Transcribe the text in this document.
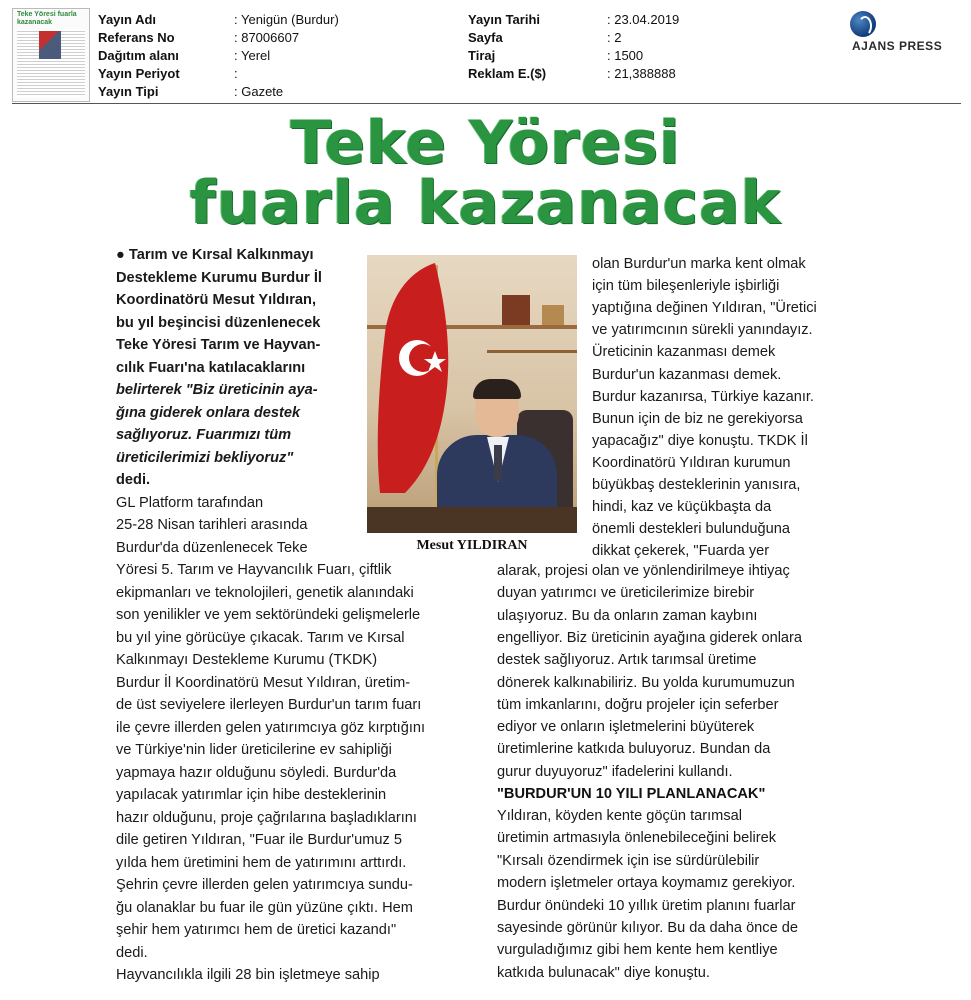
Teke Yöresi fuarla kazanacak	Yayın Adı
Referans No
Dağıtım alanı
Yayın Periyot
Yayın Tipi
: Yenigün (Burdur)
: 87006607
: Yerel
:
: Gazete
Yayın Tarihi
Sayfa
Tiraj
Reklam E.($)
: 23.04.2019
: 2
: 1500
: 21,388888
AJANS PRESS
Teke Yöresi
fuarla kazanacak
Mesut YILDIRAN
● Tarım ve Kırsal Kalkınmayı
Destekleme Kurumu Burdur İl
Koordinatörü Mesut Yıldıran,
bu yıl beşincisi düzenlenecek
Teke Yöresi Tarım ve Hayvan-
cılık Fuarı'na katılacaklarını
belirterek "Biz üreticinin aya-
ğına giderek onlara destek
sağlıyoruz. Fuarımızı tüm
üreticilerimizi bekliyoruz"
dedi.
GL Platform tarafından
25-28 Nisan tarihleri arasında
Burdur'da düzenlenecek Teke
Yöresi 5. Tarım ve Hayvancılık Fuarı, çiftlik
ekipmanları ve teknolojileri, genetik alanındaki
son yenilikler ve yem sektöründeki gelişmelerle
bu yıl yine görücüye çıkacak. Tarım ve Kırsal
Kalkınmayı Destekleme Kurumu (TKDK)
Burdur İl Koordinatörü Mesut Yıldıran, üretim-
de üst seviyelere ilerleyen Burdur'un tarım fuarı
ile çevre illerden gelen yatırımcıya göz kırptığını
ve Türkiye'nin lider üreticilerine ev sahipliği
yapmaya hazır olduğunu söyledi. Burdur'da
yapılacak yatırımlar için hibe desteklerinin
hazır olduğunu, proje çağrılarına başladıklarını
dile getiren Yıldıran, "Fuar ile Burdur'umuz 5
yılda hem üretimini hem de yatırımını arttırdı.
Şehrin çevre illerden gelen yatırımcıya sundu-
ğu olanaklar bu fuar ile gün yüzüne çıktı. Hem
şehir hem yatırımcı hem de üretici kazandı"
dedi.
Hayvancılıkla ilgili 28 bin işletmeye sahip
olan Burdur'un marka kent olmak
için tüm bileşenleriyle işbirliği
yaptığına değinen Yıldıran, "Üretici
ve yatırımcının sürekli yanındayız.
Üreticinin kazanması demek
Burdur'un kazanması demek.
Burdur kazanırsa, Türkiye kazanır.
Bunun için de biz ne gerekiyorsa
yapacağız" diye konuştu. TKDK İl
Koordinatörü Yıldıran kurumun
büyükbaş desteklerinin yanısıra,
hindi, kaz ve küçükbaşta da
önemli destekleri bulunduğuna
dikkat çekerek, "Fuarda yer
alarak, projesi olan ve yönlendirilmeye ihtiyaç
duyan yatırımcı ve üreticilerimize birebir
ulaşıyoruz. Bu da onların zaman kaybını
engelliyor. Biz üreticinin ayağına giderek onlara
destek sağlıyoruz. Artık tarımsal üretime
dönerek kalkınabiliriz. Bu yolda kurumumuzun
tüm imkanlarını, doğru projeler için seferber
ediyor ve onların işletmelerini büyüterek
üretimlerine katkıda buluyoruz. Bundan da
gurur duyuyoruz" ifadelerini kullandı.
"BURDUR'UN 10 YILI PLANLANACAK"
Yıldıran, köyden kente göçün tarımsal
üretimin artmasıyla önlenebileceğini belirek
"Kırsalı özendirmek için ise sürdürülebilir
modern işletmeler ortaya koymamız gerekiyor.
Burdur önündeki 10 yıllık üretim planını fuarlar
sayesinde görünür kılıyor. Bu da daha önce de
vurguladığımız gibi hem kente hem kentliye
katkıda bulunacak" diye konuştu.
